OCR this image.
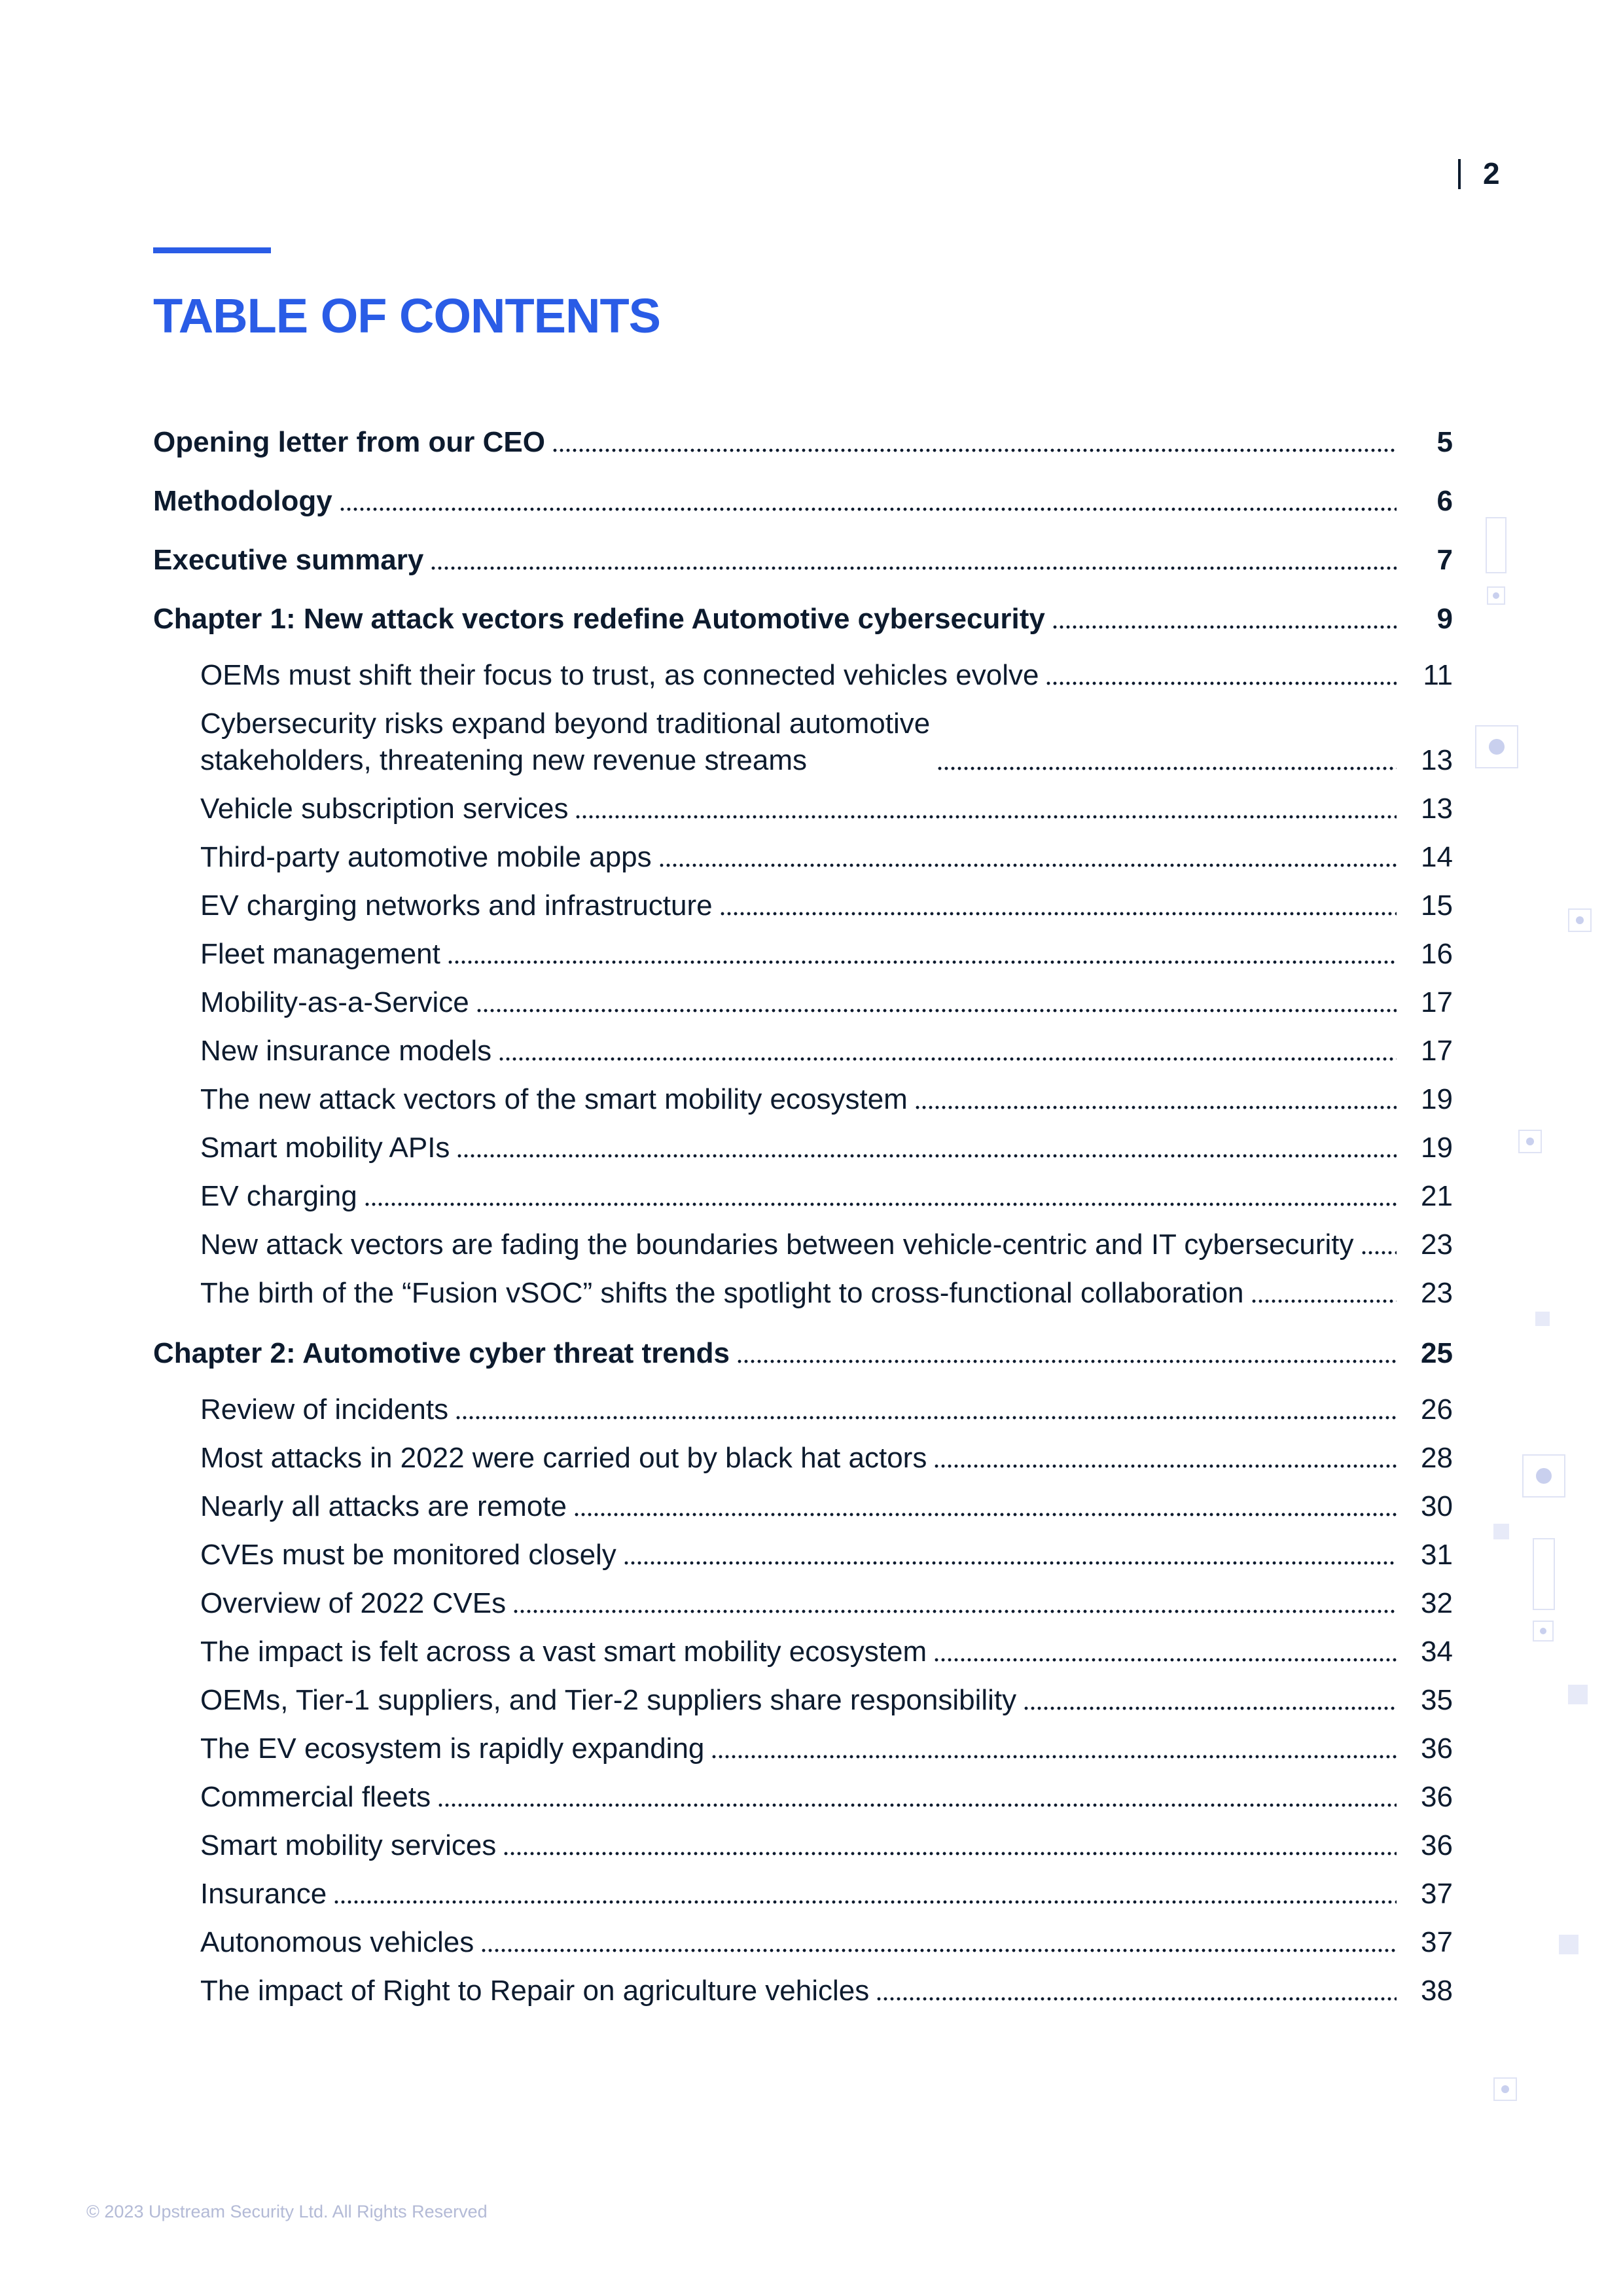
2
TABLE OF CONTENTS
Opening letter from our CEO	5
Methodology	6
Executive summary	7
Chapter 1: New attack vectors redefine Automotive cybersecurity	9
OEMs must shift their focus to trust, as connected vehicles evolve	11
Cybersecurity risks expand beyond traditional automotive
stakeholders, threatening new revenue streams	13
Vehicle subscription services	13
Third-party automotive mobile apps	14
EV charging networks and infrastructure	15
Fleet management	16
Mobility-as-a-Service	17
New insurance models	17
The new attack vectors of the smart mobility ecosystem	19
Smart mobility APIs	19
EV charging	21
New attack vectors are fading the boundaries between vehicle-centric and IT cybersecurity	23
The birth of the “Fusion vSOC” shifts the spotlight to cross-functional collaboration	23
Chapter 2: Automotive cyber threat trends	25
Review of incidents	26
Most attacks in 2022 were carried out by black hat actors	28
Nearly all attacks are remote	30
CVEs must be monitored closely	31
Overview of 2022 CVEs	32
The impact is felt across a vast smart mobility ecosystem	34
OEMs, Tier-1 suppliers, and Tier-2 suppliers share responsibility	35
The EV ecosystem is rapidly expanding	36
Commercial fleets	36
Smart mobility services	36
Insurance	37
Autonomous vehicles	37
The impact of Right to Repair on agriculture vehicles	38
© 2023 Upstream Security Ltd. All Rights Reserved
